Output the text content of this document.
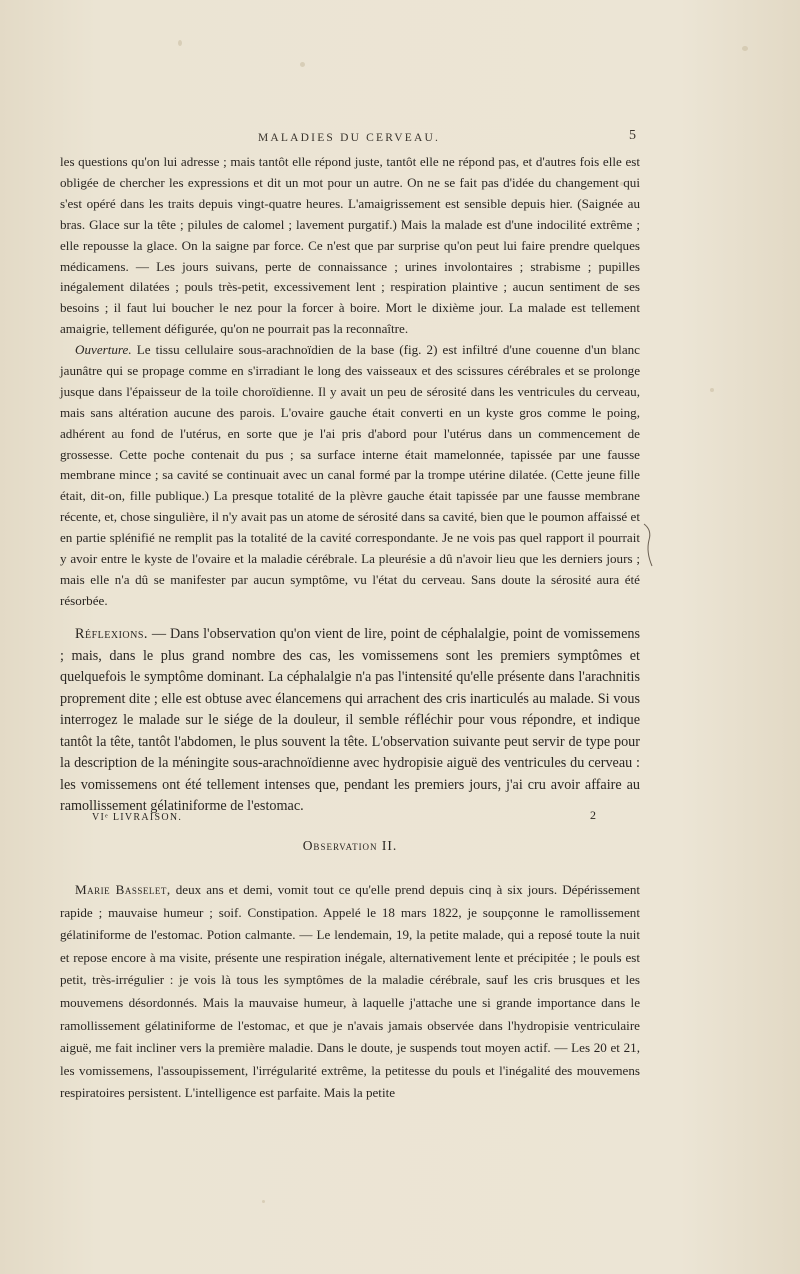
MALADIES DU CERVEAU.	5
les questions qu'on lui adresse ; mais tantôt elle répond juste, tantôt elle ne répond pas, et d'autres fois elle est obligée de chercher les expressions et dit un mot pour un autre. On ne se fait pas d'idée du changement qui s'est opéré dans les traits depuis vingt-quatre heures. L'amaigrissement est sensible depuis hier. (Saignée au bras. Glace sur la tête ; pilules de calomel ; lavement purgatif.) Mais la malade est d'une indocilité extrême ; elle repousse la glace. On la saigne par force. Ce n'est que par surprise qu'on peut lui faire prendre quelques médicamens. — Les jours suivans, perte de connaissance ; urines involontaires ; strabisme ; pupilles inégalement dilatées ; pouls très-petit, excessivement lent ; respiration plaintive ; aucun sentiment de ses besoins ; il faut lui boucher le nez pour la forcer à boire. Mort le dixième jour. La malade est tellement amaigrie, tellement défigurée, qu'on ne pourrait pas la reconnaître.
Ouverture. Le tissu cellulaire sous-arachnoïdien de la base (fig. 2) est infiltré d'une couenne d'un blanc jaunâtre qui se propage comme en s'irradiant le long des vaisseaux et des scissures cérébrales et se prolonge jusque dans l'épaisseur de la toile choroïdienne. Il y avait un peu de sérosité dans les ventricules du cerveau, mais sans altération aucune des parois. L'ovaire gauche était converti en un kyste gros comme le poing, adhérent au fond de l'utérus, en sorte que je l'ai pris d'abord pour l'utérus dans un commencement de grossesse. Cette poche contenait du pus ; sa surface interne était mamelonnée, tapissée par une fausse membrane mince ; sa cavité se continuait avec un canal formé par la trompe utérine dilatée. (Cette jeune fille était, dit-on, fille publique.) La presque totalité de la plèvre gauche était tapissée par une fausse membrane récente, et, chose singulière, il n'y avait pas un atome de sérosité dans sa cavité, bien que le poumon affaissé et en partie splénifié ne remplit pas la totalité de la cavité correspondante. Je ne vois pas quel rapport il pourrait y avoir entre le kyste de l'ovaire et la maladie cérébrale. La pleurésie a dû n'avoir lieu que les derniers jours ; mais elle n'a dû se manifester par aucun symptôme, vu l'état du cerveau. Sans doute la sérosité aura été résorbée.
Réflexions. — Dans l'observation qu'on vient de lire, point de céphalalgie, point de vomissemens ; mais, dans le plus grand nombre des cas, les vomissemens sont les premiers symptômes et quelquefois le symptôme dominant. La céphalalgie n'a pas l'intensité qu'elle présente dans l'arachnitis proprement dite ; elle est obtuse avec élancemens qui arrachent des cris inarticulés au malade. Si vous interrogez le malade sur le siége de la douleur, il semble réfléchir pour vous répondre, et indique tantôt la tête, tantôt l'abdomen, le plus souvent la tête. L'observation suivante peut servir de type pour la description de la méningite sous-arachnoïdienne avec hydropisie aiguë des ventricules du cerveau : les vomissemens ont été tellement intenses que, pendant les premiers jours, j'ai cru avoir affaire au ramollissement gélatiniforme de l'estomac.
Observation II.
Marie Basselet, deux ans et demi, vomit tout ce qu'elle prend depuis cinq à six jours. Dépérissement rapide ; mauvaise humeur ; soif. Constipation. Appelé le 18 mars 1822, je soupçonne le ramollissement gélatiniforme de l'estomac. Potion calmante. — Le lendemain, 19, la petite malade, qui a reposé toute la nuit et repose encore à ma visite, présente une respiration inégale, alternativement lente et précipitée ; le pouls est petit, très-irrégulier : je vois là tous les symptômes de la maladie cérébrale, sauf les cris brusques et les mouvemens désordonnés. Mais la mauvaise humeur, à laquelle j'attache une si grande importance dans le ramollissement gélatiniforme de l'estomac, et que je n'avais jamais observée dans l'hydropisie ventriculaire aiguë, me fait incliner vers la première maladie. Dans le doute, je suspends tout moyen actif. — Les 20 et 21, les vomissemens, l'assoupissement, l'irrégularité extrême, la petitesse du pouls et l'inégalité des mouvemens respiratoires persistent. L'intelligence est parfaite. Mais la petite
VIᵉ LIVRAISON.	2
